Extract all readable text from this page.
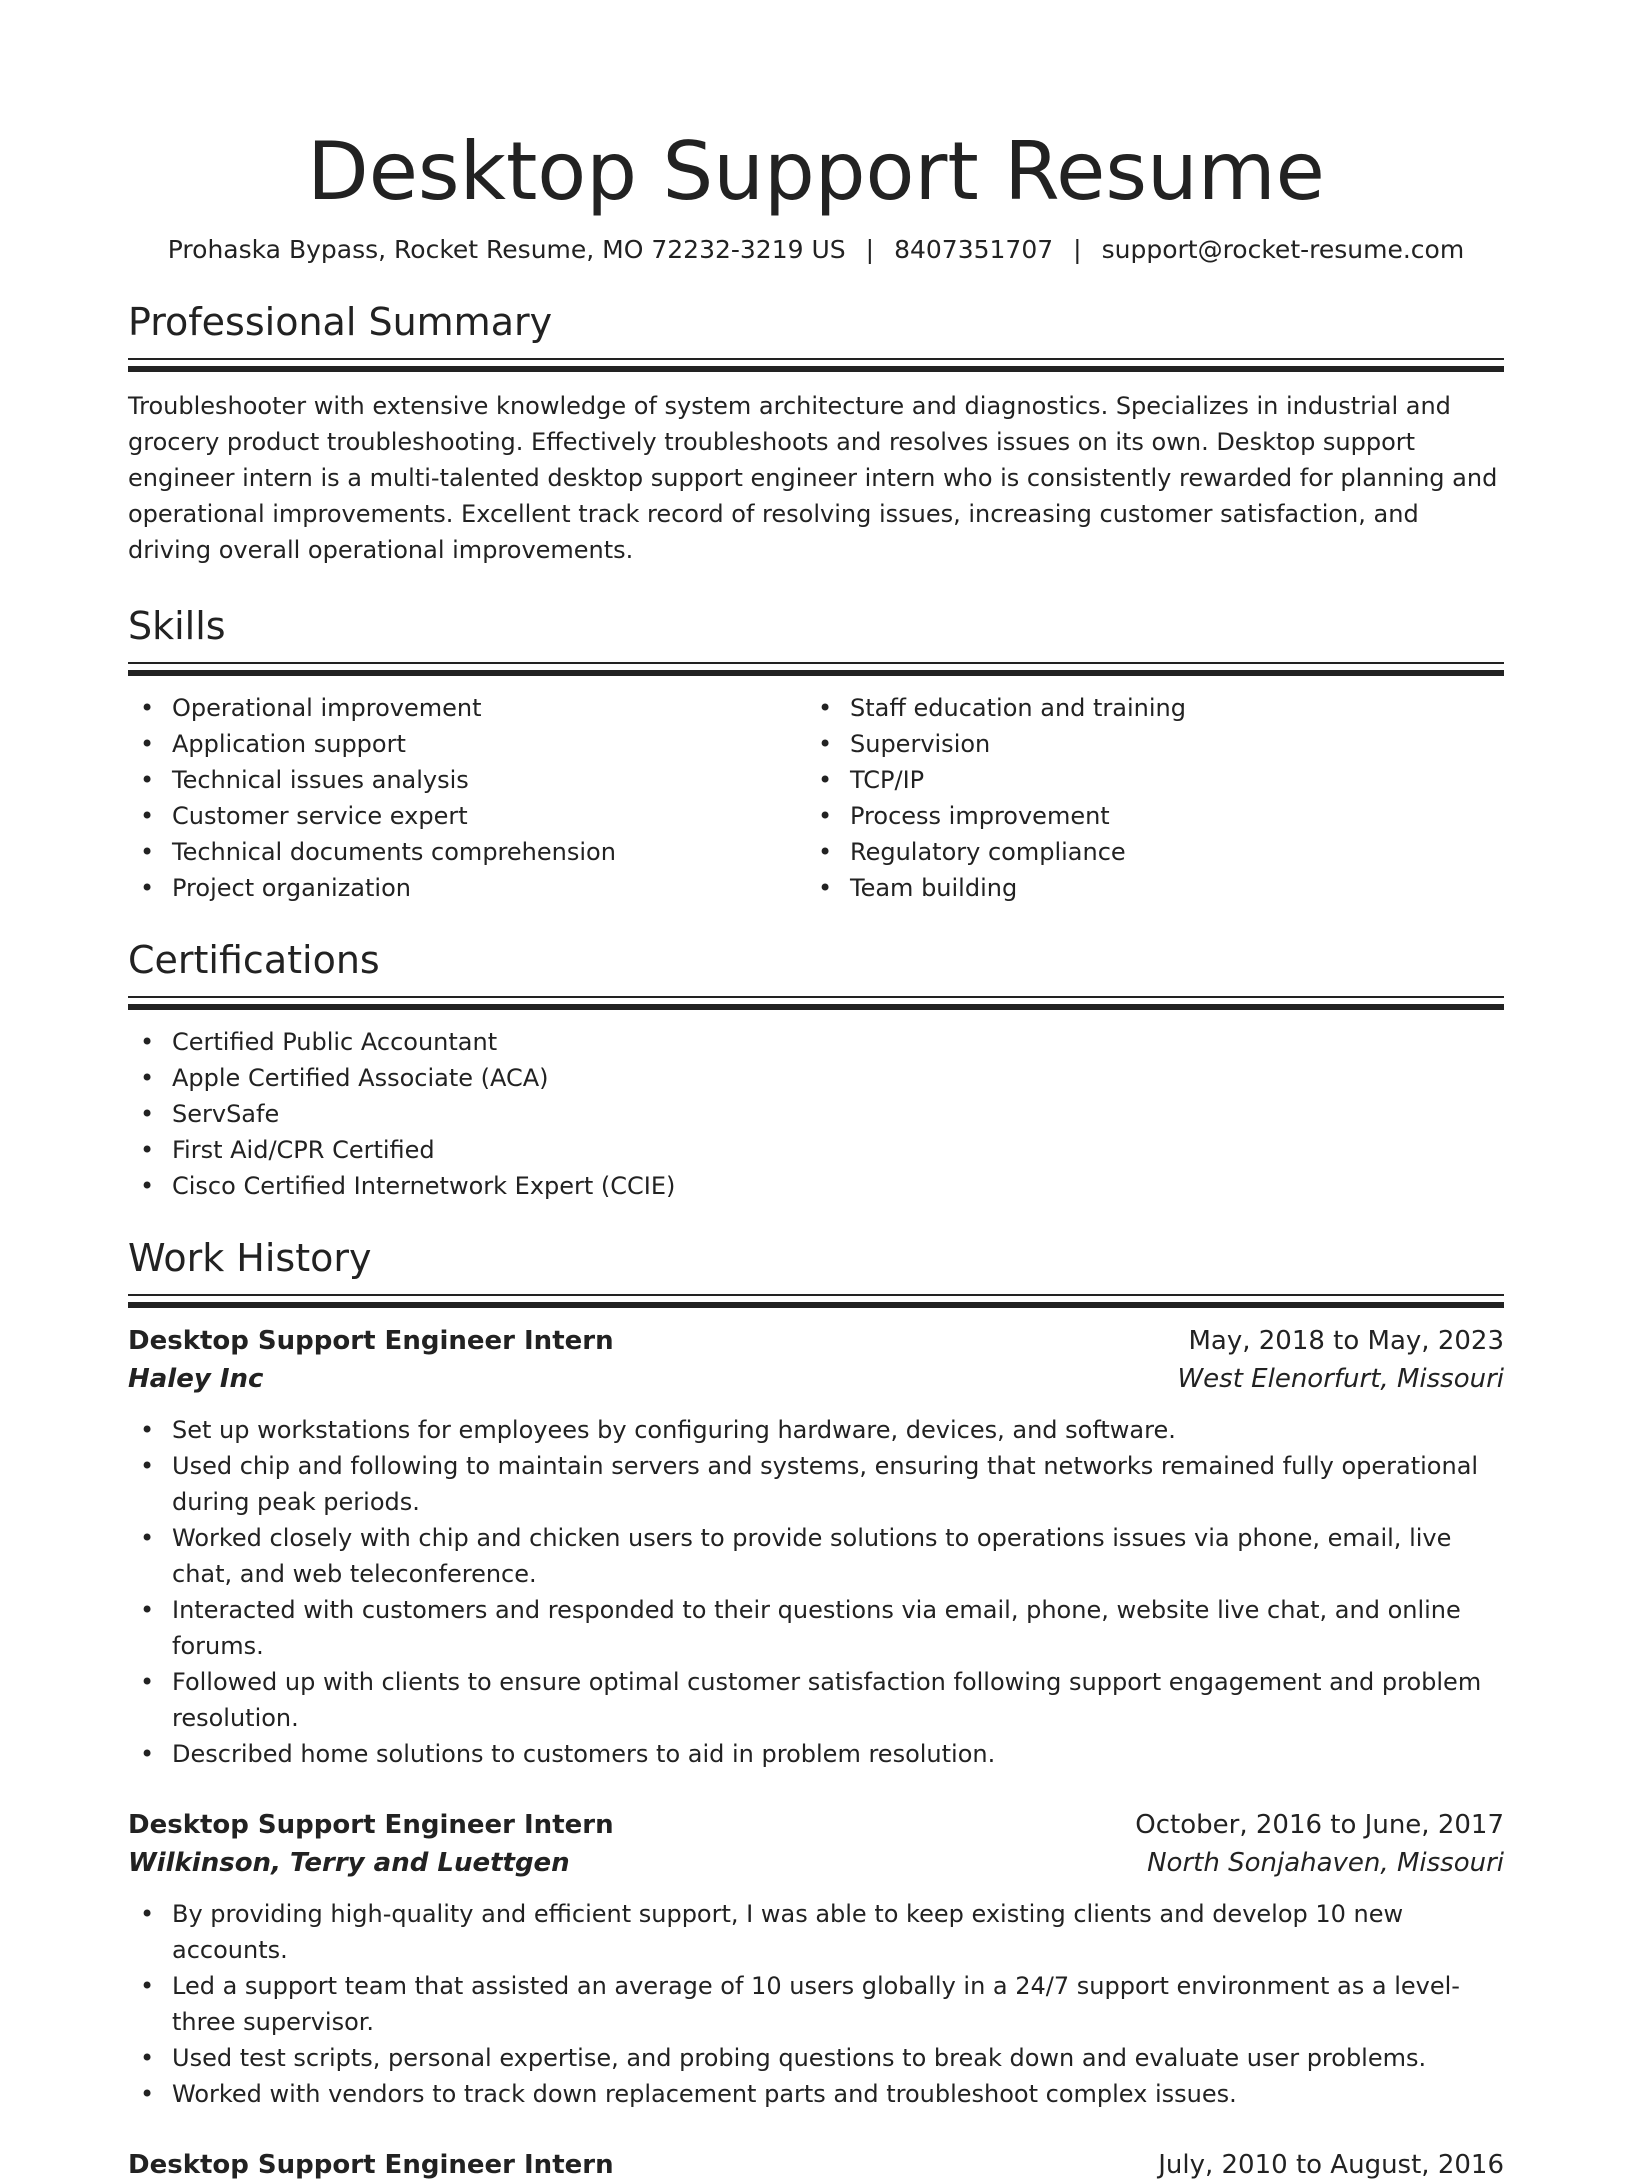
Desktop Support Resume
Prohaska Bypass, Rocket Resume, MO 72232-3219 US | 8407351707 | support@rocket-resume.com
Professional Summary

Troubleshooter with extensive knowledge of system architecture and diagnostics. Specializes in industrial and grocery product troubleshooting. Effectively troubleshoots and resolves issues on its own. Desktop support engineer intern is a multi-talented desktop support engineer intern who is consistently rewarded for planning and operational improvements. Excellent track record of resolving issues, increasing customer satisfaction, and driving overall operational improvements.

Skills
• Operational improvement
• Application support
• Technical issues analysis
• Customer service expert
• Technical documents comprehension
• Project organization
• Staff education and training
• Supervision
• TCP/IP
• Process improvement
• Regulatory compliance
• Team building
Certifications
• Certified Public Accountant
• Apple Certified Associate (ACA)
• ServSafe
• First Aid/CPR Certified
• Cisco Certified Internetwork Expert (CCIE)
Work History
Desktop Support Engineer Intern	May, 2018 to May, 2023
Haley Inc	West Elenorfurt, Missouri
• Set up workstations for employees by configuring hardware, devices, and software.
• Used chip and following to maintain servers and systems, ensuring that networks remained fully operational during peak periods.
• Worked closely with chip and chicken users to provide solutions to operations issues via phone, email, live chat, and web teleconference.
• Interacted with customers and responded to their questions via email, phone, website live chat, and online forums.
• Followed up with clients to ensure optimal customer satisfaction following support engagement and problem resolution.
• Described home solutions to customers to aid in problem resolution.
Desktop Support Engineer Intern	October, 2016 to June, 2017
Wilkinson, Terry and Luettgen	North Sonjahaven, Missouri
• By providing high-quality and efficient support, I was able to keep existing clients and develop 10 new accounts.
• Led a support team that assisted an average of 10 users globally in a 24/7 support environment as a level-three supervisor.
• Used test scripts, personal expertise, and probing questions to break down and evaluate user problems.
• Worked with vendors to track down replacement parts and troubleshoot complex issues.
Desktop Support Engineer Intern	July, 2010 to August, 2016
